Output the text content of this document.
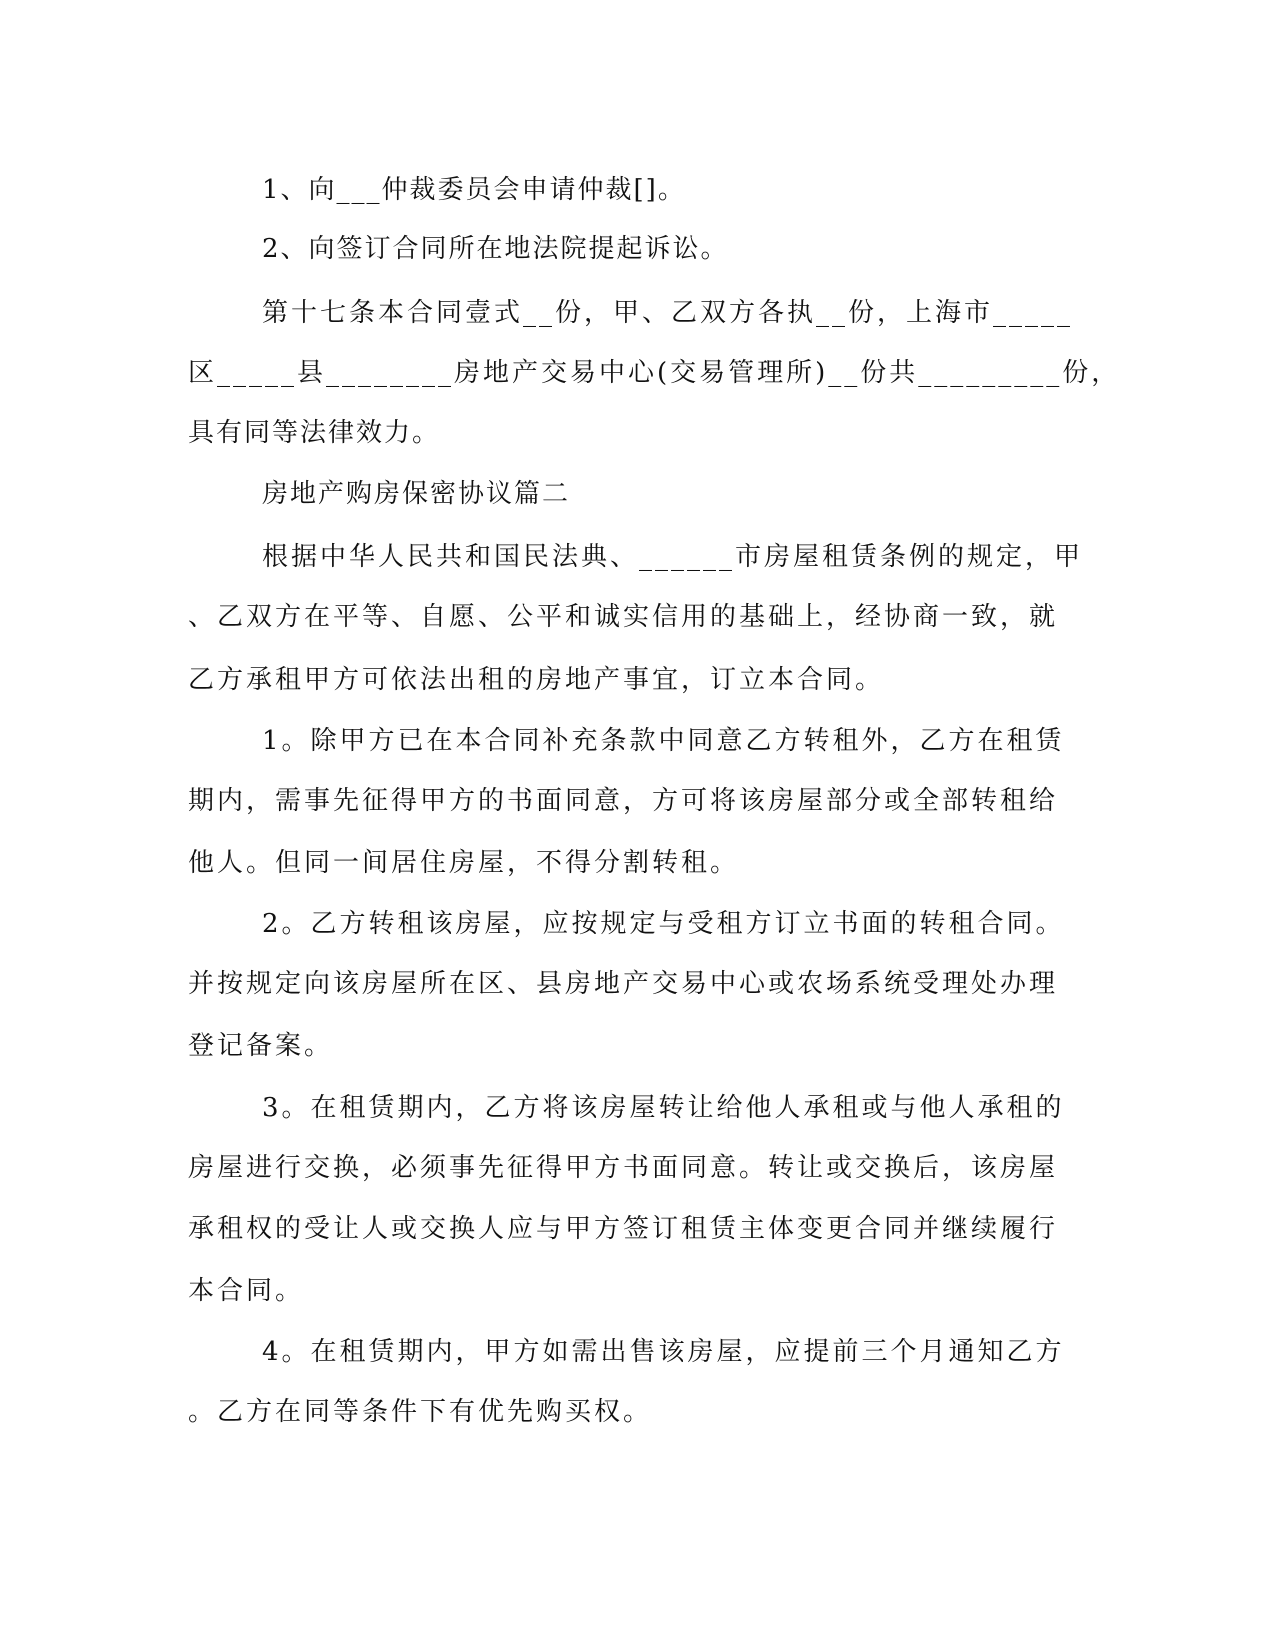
1、向___仲裁委员会申请仲裁[]。
2、向签订合同所在地法院提起诉讼。
第十七条本合同壹式__份，甲、乙双方各执__份，上海市_____
区_____县________房地产交易中心(交易管理所)__份共_________份，
具有同等法律效力。
房地产购房保密协议篇二
根据中华人民共和国民法典、______市房屋租赁条例的规定，甲
、乙双方在平等、自愿、公平和诚实信用的基础上，经协商一致，就
乙方承租甲方可依法出租的房地产事宜，订立本合同。
1。除甲方已在本合同补充条款中同意乙方转租外，乙方在租赁
期内，需事先征得甲方的书面同意，方可将该房屋部分或全部转租给
他人。但同一间居住房屋，不得分割转租。
2。乙方转租该房屋，应按规定与受租方订立书面的转租合同。
并按规定向该房屋所在区、县房地产交易中心或农场系统受理处办理
登记备案。
3。在租赁期内，乙方将该房屋转让给他人承租或与他人承租的
房屋进行交换，必须事先征得甲方书面同意。转让或交换后，该房屋
承租权的受让人或交换人应与甲方签订租赁主体变更合同并继续履行
本合同。
4。在租赁期内，甲方如需出售该房屋，应提前三个月通知乙方
。乙方在同等条件下有优先购买权。
